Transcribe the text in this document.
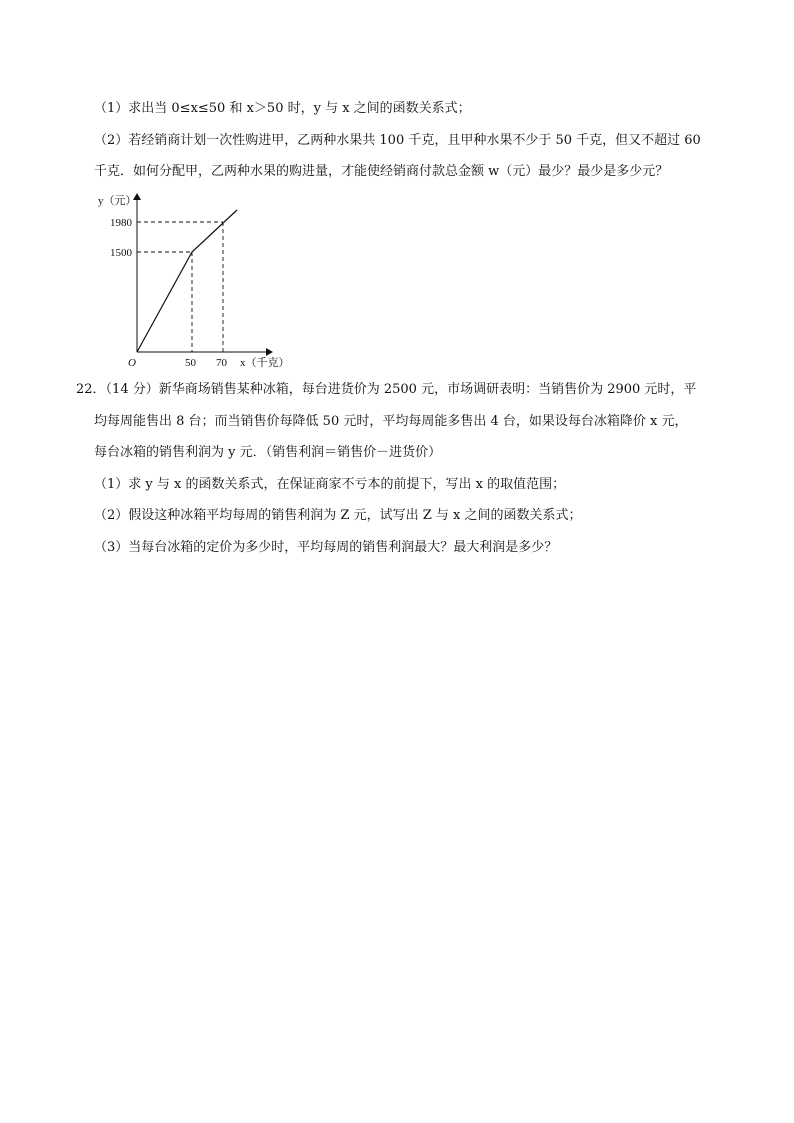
（1）求出当 0≤x≤50 和 x＞50 时，y 与 x 之间的函数关系式；
（2）若经销商计划一次性购进甲，乙两种水果共 100 千克，且甲种水果不少于 50 千克，但又不超过 60
千克．如何分配甲，乙两种水果的购进量，才能使经销商付款总金额 w（元）最少？最少是多少元？
y（元）
1980
1500
O	50 70 x（千克）
22．（14 分）新华商场销售某种冰箱，每台进货价为 2500 元，市场调研表明：当销售价为 2900 元时，平
均每周能售出 8 台；而当销售价每降低 50 元时，平均每周能多售出 4 台，如果设每台冰箱降价 x 元，
每台冰箱的销售利润为 y 元．（销售利润＝销售价－进货价）
（1）求 y 与 x 的函数关系式，在保证商家不亏本的前提下，写出 x 的取值范围；
（2）假设这种冰箱平均每周的销售利润为 Z 元，试写出 Z 与 x 之间的函数关系式；
（3）当每台冰箱的定价为多少时，平均每周的销售利润最大？最大利润是多少？
